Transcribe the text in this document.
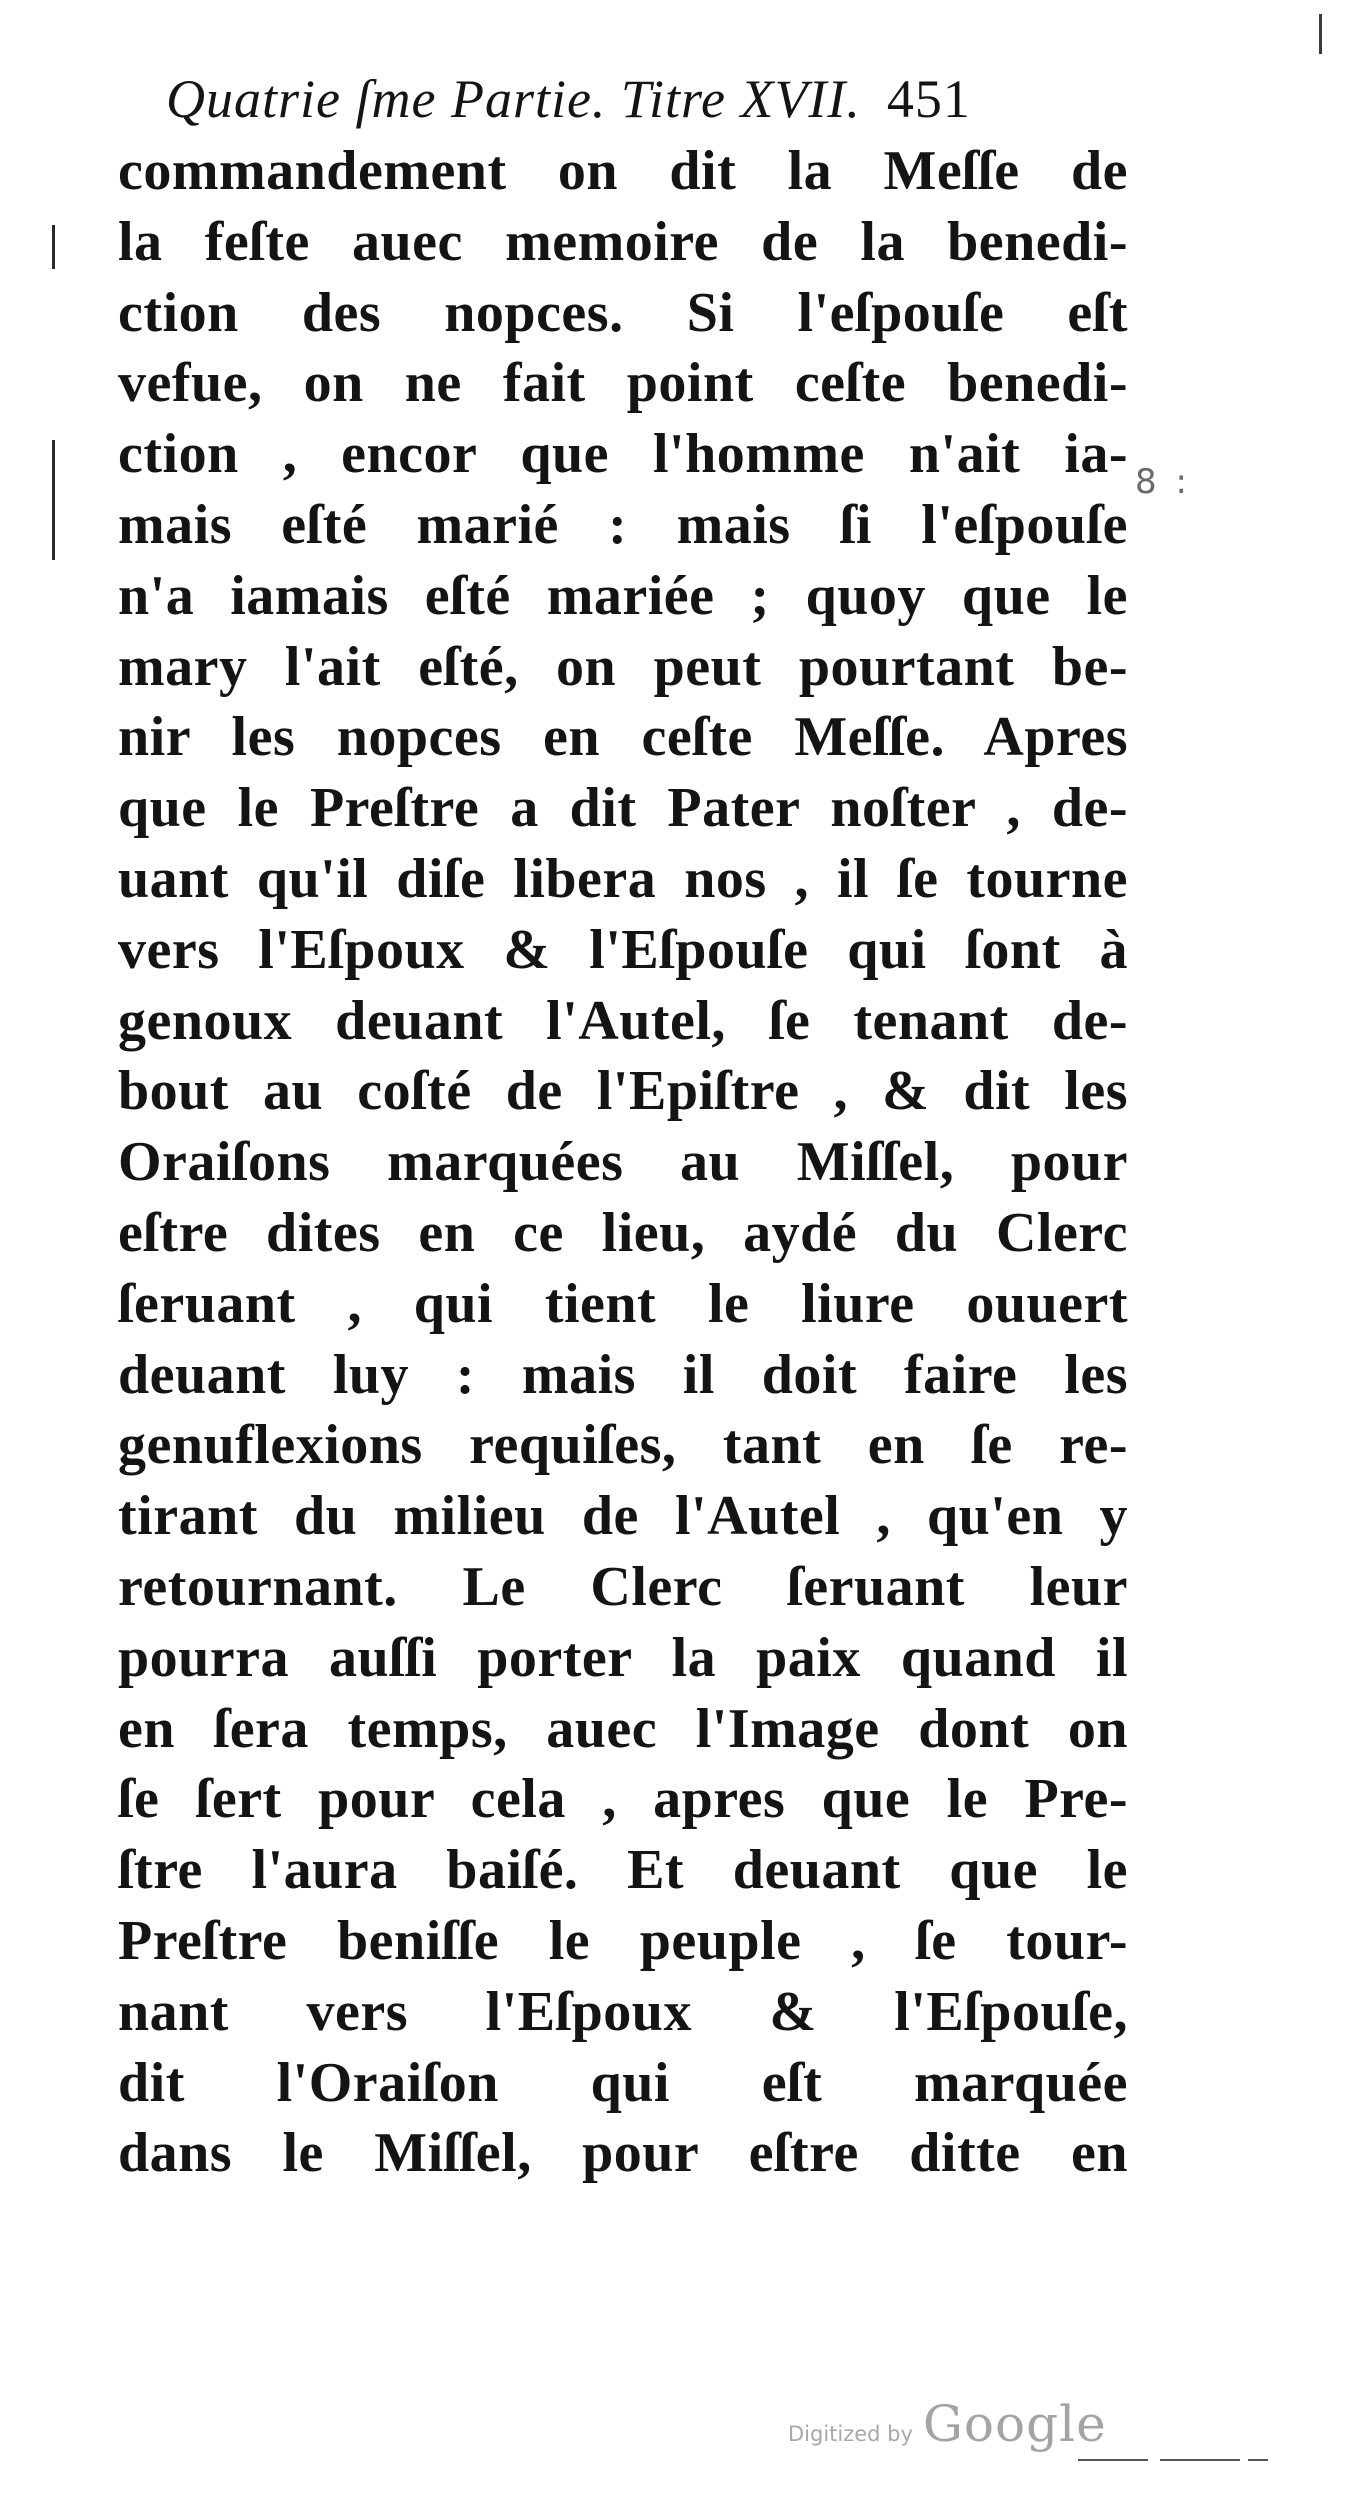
Quatrie ſme Partie. Titre XVII. 451
commandement on dit la Meſſe de
la feſte auec memoire de la benedi-
ction des nopces. Si l'eſpouſe eſt
vefue, on ne fait point ceſte benedi-
ction , encor que l'homme n'ait ia-
mais eſté marié : mais ſi l'eſpouſe
n'a iamais eſté mariée ; quoy que le
mary l'ait eſté, on peut pourtant be-
nir les nopces en ceſte Meſſe. Apres
que le Preſtre a dit Pater noſter , de-
uant qu'il diſe libera nos , il ſe tourne
vers l'Eſpoux & l'Eſpouſe qui ſont à
genoux deuant l'Autel, ſe tenant de-
bout au coſté de l'Epiſtre , & dit les
Oraiſons marquées au Miſſel, pour
eſtre dites en ce lieu, aydé du Clerc
ſeruant , qui tient le liure ouuert
deuant luy : mais il doit faire les
genuflexions requiſes, tant en ſe re-
tirant du milieu de l'Autel , qu'en y
retournant. Le Clerc ſeruant leur
pourra auſſi porter la paix quand il
en ſera temps, auec l'Image dont on
ſe ſert pour cela , apres que le Pre-
ſtre l'aura baiſé. Et deuant que le
Preſtre beniſſe le peuple , ſe tour-
nant vers l'Eſpoux & l'Eſpouſe,
dit l'Oraiſon qui eſt marquée
dans le Miſſel, pour eſtre ditte en
8 :
Digitized by Google
